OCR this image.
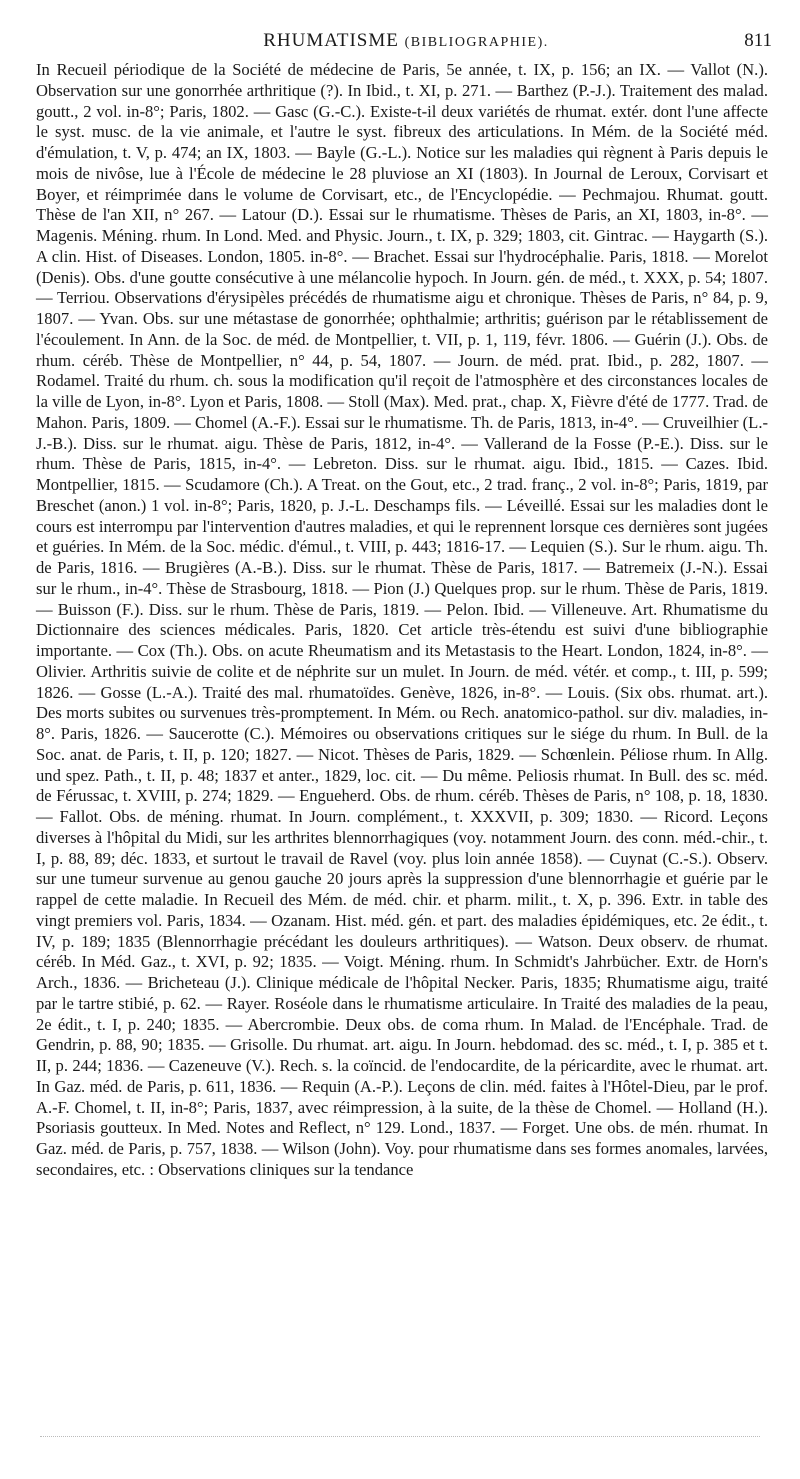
RHUMATISME (BIBLIOGRAPHIE).	811

In Recueil périodique de la Société de médecine de Paris, 5e année, t. IX, p. 156; an IX. — Vallot (N.). Observation sur une gonorrhée arthritique (?). In Ibid., t. XI, p. 271. — Barthez (P.-J.). Traitement des malad. goutt., 2 vol. in-8°; Paris, 1802. — Gasc (G.-C.). Existe-t-il deux variétés de rhumat. extér. dont l'une affecte le syst. musc. de la vie animale, et l'autre le syst. fibreux des articulations. In Mém. de la Société méd. d'émulation, t. V, p. 474; an IX, 1803. — Bayle (G.-L.). Notice sur les maladies qui règnent à Paris depuis le mois de nivôse, lue à l'École de médecine le 28 pluviose an XI (1803). In Journal de Leroux, Corvisart et Boyer, et réimprimée dans le volume de Corvisart, etc., de l'Encyclopédie. — Pechmajou. Rhumat. goutt. Thèse de l'an XII, n° 267. — Latour (D.). Essai sur le rhumatisme. Thèses de Paris, an XI, 1803, in-8°. — Magenis. Méning. rhum. In Lond. Med. and Physic. Journ., t. IX, p. 329; 1803, cit. Gintrac. — Haygarth (S.). A clin. Hist. of Diseases. London, 1805. in-8°. — Brachet. Essai sur l'hydrocéphalie. Paris, 1818. — Morelot (Denis). Obs. d'une goutte consécutive à une mélancolie hypoch. In Journ. gén. de méd., t. XXX, p. 54; 1807. — Terriou. Observations d'érysipèles précédés de rhumatisme aigu et chronique. Thèses de Paris, n° 84, p. 9, 1807. — Yvan. Obs. sur une métastase de gonorrhée; ophthalmie; arthritis; guérison par le rétablissement de l'écoulement. In Ann. de la Soc. de méd. de Montpellier, t. VII, p. 1, 119, févr. 1806. — Guérin (J.). Obs. de rhum. céréb. Thèse de Montpellier, n° 44, p. 54, 1807. — Journ. de méd. prat. Ibid., p. 282, 1807. — Rodamel. Traité du rhum. ch. sous la modification qu'il reçoit de l'atmosphère et des circonstances locales de la ville de Lyon, in-8°. Lyon et Paris, 1808. — Stoll (Max). Med. prat., chap. X, Fièvre d'été de 1777. Trad. de Mahon. Paris, 1809. — Chomel (A.-F.). Essai sur le rhumatisme. Th. de Paris, 1813, in-4°. — Cruveilhier (L.-J.-B.). Diss. sur le rhumat. aigu. Thèse de Paris, 1812, in-4°. — Vallerand de la Fosse (P.-E.). Diss. sur le rhum. Thèse de Paris, 1815, in-4°. — Lebreton. Diss. sur le rhumat. aigu. Ibid., 1815. — Cazes. Ibid. Montpellier, 1815. — Scudamore (Ch.). A Treat. on the Gout, etc., 2 trad. franç., 2 vol. in-8°; Paris, 1819, par Breschet (anon.) 1 vol. in-8°; Paris, 1820, p. J.-L. Deschamps fils. — Léveillé. Essai sur les maladies dont le cours est interrompu par l'intervention d'autres maladies, et qui le reprennent lorsque ces dernières sont jugées et guéries. In Mém. de la Soc. médic. d'émul., t. VIII, p. 443; 1816-17. — Lequien (S.). Sur le rhum. aigu. Th. de Paris, 1816. — Brugières (A.-B.). Diss. sur le rhumat. Thèse de Paris, 1817. — Batremeix (J.-N.). Essai sur le rhum., in-4°. Thèse de Strasbourg, 1818. — Pion (J.) Quelques prop. sur le rhum. Thèse de Paris, 1819. — Buisson (F.). Diss. sur le rhum. Thèse de Paris, 1819. — Pelon. Ibid. — Villeneuve. Art. Rhumatisme du Dictionnaire des sciences médicales. Paris, 1820. Cet article très-étendu est suivi d'une bibliographie importante. — Cox (Th.). Obs. on acute Rheumatism and its Metastasis to the Heart. London, 1824, in-8°. — Olivier. Arthritis suivie de colite et de néphrite sur un mulet. In Journ. de méd. vétér. et comp., t. III, p. 599; 1826. — Gosse (L.-A.). Traité des mal. rhumatoïdes. Genève, 1826, in-8°. — Louis. (Six obs. rhumat. art.). Des morts subites ou survenues très-promptement. In Mém. ou Rech. anatomico-pathol. sur div. maladies, in-8°. Paris, 1826. — Saucerotte (C.). Mémoires ou observations critiques sur le siége du rhum. In Bull. de la Soc. anat. de Paris, t. II, p. 120; 1827. — Nicot. Thèses de Paris, 1829. — Schœnlein. Péliose rhum. In Allg. und spez. Path., t. II, p. 48; 1837 et anter., 1829, loc. cit. — Du même. Peliosis rhumat. In Bull. des sc. méd. de Férussac, t. XVIII, p. 274; 1829. — Engueherd. Obs. de rhum. céréb. Thèses de Paris, n° 108, p. 18, 1830. — Fallot. Obs. de méning. rhumat. In Journ. complément., t. XXXVII, p. 309; 1830. — Ricord. Leçons diverses à l'hôpital du Midi, sur les arthrites blennorrhagiques (voy. notamment Journ. des conn. méd.-chir., t. I, p. 88, 89; déc. 1833, et surtout le travail de Ravel (voy. plus loin année 1858). — Cuynat (C.-S.). Observ. sur une tumeur survenue au genou gauche 20 jours après la suppression d'une blennorrhagie et guérie par le rappel de cette maladie. In Recueil des Mém. de méd. chir. et pharm. milit., t. X, p. 396. Extr. in table des vingt premiers vol. Paris, 1834. — Ozanam. Hist. méd. gén. et part. des maladies épidémiques, etc. 2e édit., t. IV, p. 189; 1835 (Blennorrhagie précédant les douleurs arthritiques). — Watson. Deux observ. de rhumat. céréb. In Méd. Gaz., t. XVI, p. 92; 1835. — Voigt. Méning. rhum. In Schmidt's Jahrbücher. Extr. de Horn's Arch., 1836. — Bricheteau (J.). Clinique médicale de l'hôpital Necker. Paris, 1835; Rhumatisme aigu, traité par le tartre stibié, p. 62. — Rayer. Roséole dans le rhumatisme articulaire. In Traité des maladies de la peau, 2e édit., t. I, p. 240; 1835. — Abercrombie. Deux obs. de coma rhum. In Malad. de l'Encéphale. Trad. de Gendrin, p. 88, 90; 1835. — Grisolle. Du rhumat. art. aigu. In Journ. hebdomad. des sc. méd., t. I, p. 385 et t. II, p. 244; 1836. — Cazeneuve (V.). Rech. s. la coïncid. de l'endocardite, de la péricardite, avec le rhumat. art. In Gaz. méd. de Paris, p. 611, 1836. — Requin (A.-P.). Leçons de clin. méd. faites à l'Hôtel-Dieu, par le prof. A.-F. Chomel, t. II, in-8°; Paris, 1837, avec réimpression, à la suite, de la thèse de Chomel. — Holland (H.). Psoriasis goutteux. In Med. Notes and Reflect, n° 129. Lond., 1837. — Forget. Une obs. de mén. rhumat. In Gaz. méd. de Paris, p. 757, 1838. — Wilson (John). Voy. pour rhumatisme dans ses formes anomales, larvées, secondaires, etc. : Observations cliniques sur la tendance
